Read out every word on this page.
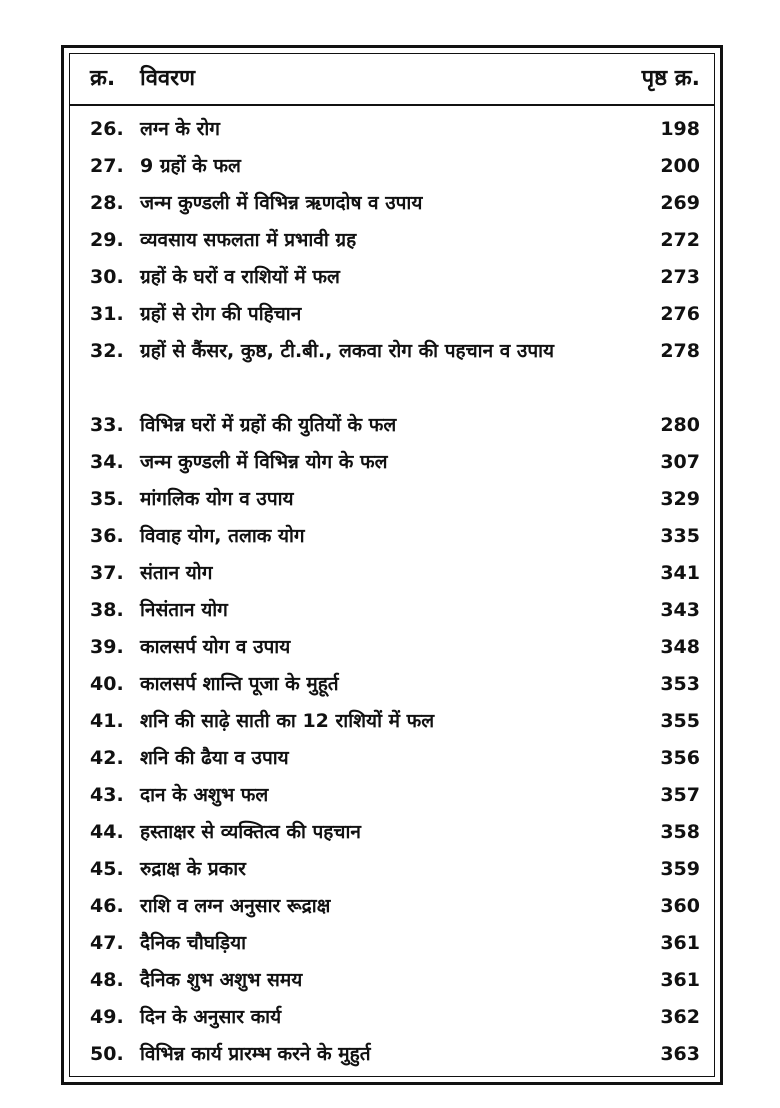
क्र. विवरण	पृष्ठ क्र.
26. लग्न के रोग	198
27. 9 ग्रहों के फल	200
28. जन्म कुण्डली में विभिन्न ऋणदोष व उपाय	269
29. व्यवसाय सफलता में प्रभावी ग्रह	272
30. ग्रहों के घरों व राशियों में फल	273
31. ग्रहों से रोग की पहिचान	276
32. ग्रहों से कैंसर, कुष्ठ, टी.बी., लकवा रोग की पहचान व उपाय	278
33. विभिन्न घरों में ग्रहों की युतियों के फल	280
34. जन्म कुण्डली में विभिन्न योग के फल	307
35. मांगलिक योग व उपाय	329
36. विवाह योग, तलाक योग	335
37. संतान योग	341
38. निसंतान योग	343
39. कालसर्प योग व उपाय	348
40. कालसर्प शान्ति पूजा के मुहूर्त	353
41. शनि की साढ़े साती का 12 राशियों में फल	355
42. शनि की ढैया व उपाय	356
43. दान के अशुभ फल	357
44. हस्ताक्षर से व्यक्तित्व की पहचान	358
45. रुद्राक्ष के प्रकार	359
46. राशि व लग्न अनुसार रूद्राक्ष	360
47. दैनिक चौघड़िया	361
48. दैनिक शुभ अशुभ समय	361
49. दिन के अनुसार कार्य	362
50. विभिन्न कार्य प्रारम्भ करने के मुहुर्त	363
